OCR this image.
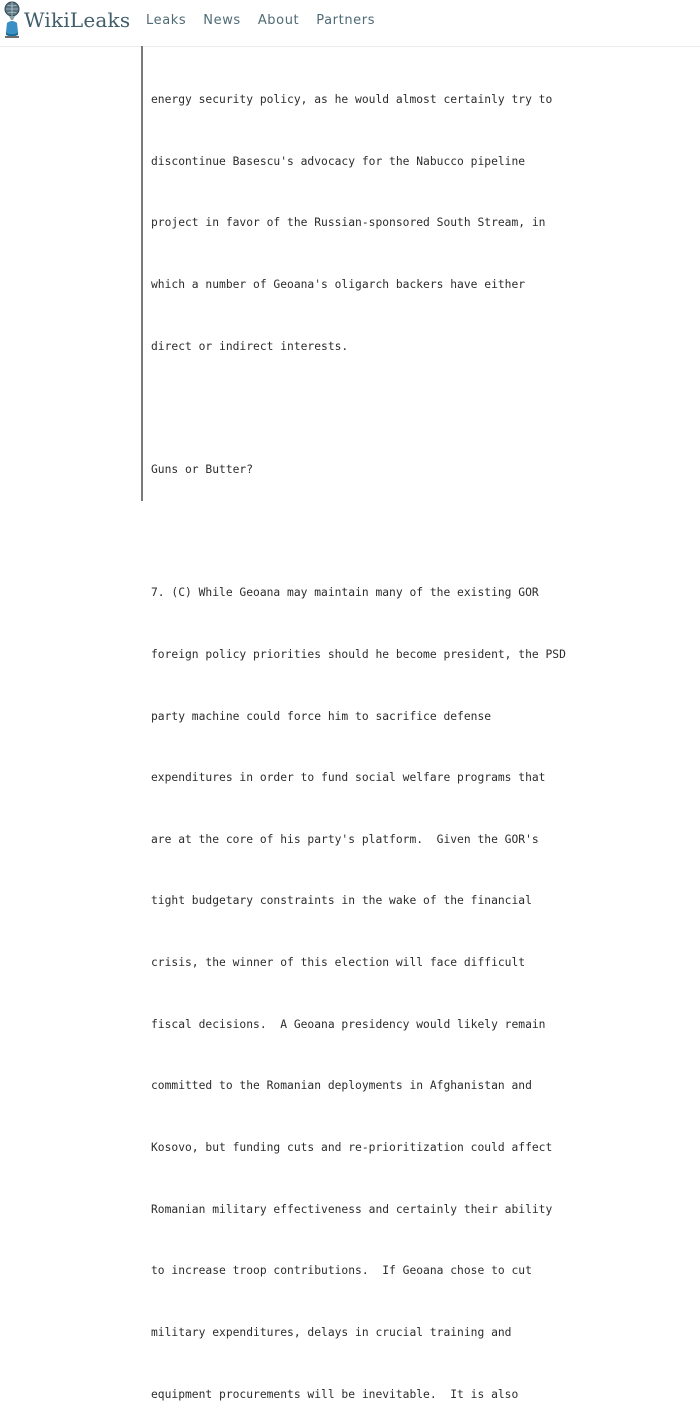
WikiLeaks Leaks News About Partners

energy security policy, as he would almost certainly try to

discontinue Basescu's advocacy for the Nabucco pipeline

project in favor of the Russian-sponsored South Stream, in

which a number of Geoana's oligarch backers have either

direct or indirect interests.

Guns or Butter?

7. (C) While Geoana may maintain many of the existing GOR

foreign policy priorities should he become president, the PSD

party machine could force him to sacrifice defense

expenditures in order to fund social welfare programs that

are at the core of his party's platform.  Given the GOR's

tight budgetary constraints in the wake of the financial

crisis, the winner of this election will face difficult

fiscal decisions.  A Geoana presidency would likely remain

committed to the Romanian deployments in Afghanistan and

Kosovo, but funding cuts and re-prioritization could affect

Romanian military effectiveness and certainly their ability

to increase troop contributions.  If Geoana chose to cut

military expenditures, delays in crucial training and

equipment procurements will be inevitable.  It is also
